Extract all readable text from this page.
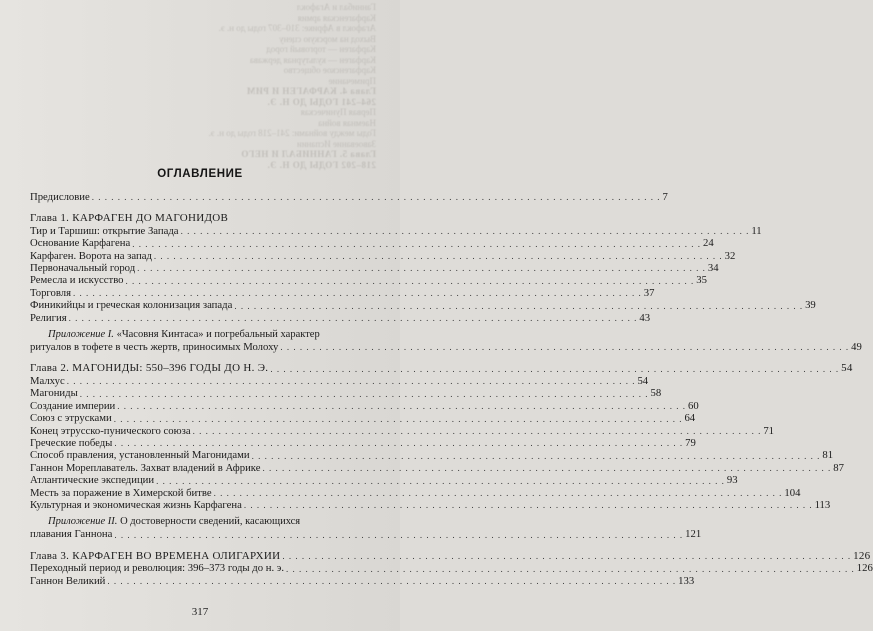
Ганнибал и Агафокл
Карфагенская армия
Агафокл в Африке: 310–307 годы до н. э.
Выход на морскую сцену
Карфаген — торговый город
Карфаген — культурная держава
Карфагенское общество
Примечание
Глава 4. КАРФАГЕН И РИМ
264–241 ГОДЫ ДО Н. Э.
Первая Пуническая
Наемная война
Годы между войнами: 241–218 годы до н. э.
Завоевание Испании
Глава 5. ГАННИБАЛ И НЕГО
218–202 ГОДЫ ДО Н. Э.
ОГЛАВЛЕНИЕ
Предисловие . . .	7
Глава 1. КАРФАГЕН ДО МАГОНИДОВ
Тир и Таршиш: открытие Запада . . .	11
Основание Карфагена . . .	24
Карфаген. Ворота на запад . . .	32
Первоначальный город . . .	34
Ремесла и искусство . . .	35
Торговля . . .	37
Финикийцы и греческая колонизация запада . . .	39
Религия . . .	43
Приложение I. «Часовня Кинтаса» и погребальный характер
ритуалов в тофете в честь жертв, приносимых Молоху . . .	49
Глава 2. МАГОНИДЫ: 550–396 ГОДЫ ДО Н. Э. . . .	54
Малхус . . .	54
Магониды . . .	58
Создание империи . . .	60
Союз с этрусками . . .	64
Конец этрусско-пунического союза . . .	71
Греческие победы . . .	79
Способ правления, установленный Магонидами . . .	81
Ганнон Мореплаватель. Захват владений в Африке . . .	87
Атлантические экспедиции . . .	93
Месть за поражение в Химерской битве . . .	104
Культурная и экономическая жизнь Карфагена . . .	113
Приложение II. О достоверности сведений, касающихся
плавания Ганнона . . .	121
Глава 3. КАРФАГЕН ВО ВРЕМЕНА ОЛИГАРХИИ . . .	126
Переходный период и революция: 396–373 годы до н. э. . . .	126
Ганнон Великий . . .	133
317
